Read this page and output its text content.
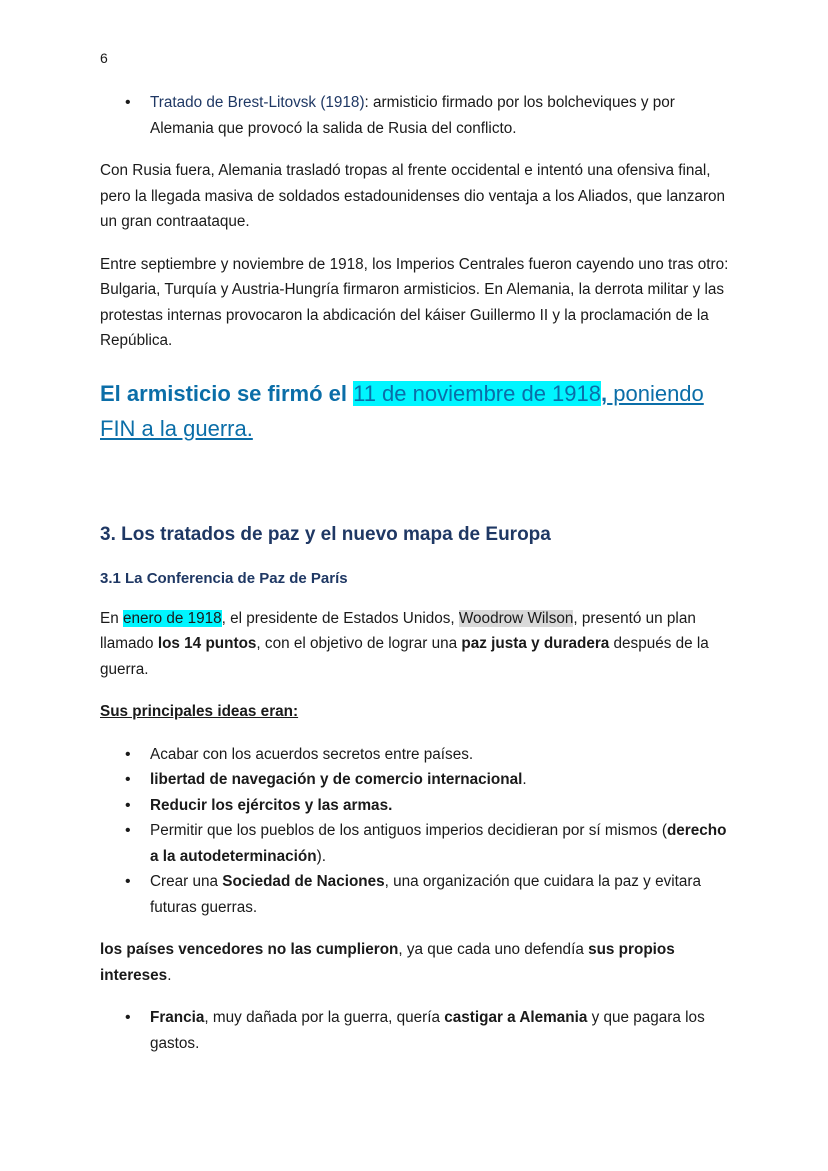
6
• Tratado de Brest-Litovsk (1918): armisticio firmado por los bolcheviques y por Alemania que provocó la salida de Rusia del conflicto.

Con Rusia fuera, Alemania trasladó tropas al frente occidental e intentó una ofensiva final, pero la llegada masiva de soldados estadounidenses dio ventaja a los Aliados, que lanzaron un gran contraataque.

Entre septiembre y noviembre de 1918, los Imperios Centrales fueron cayendo uno tras otro: Bulgaria, Turquía y Austria-Hungría firmaron armisticios. En Alemania, la derrota militar y las protestas internas provocaron la abdicación del káiser Guillermo II y la proclamación de la República.

El armisticio se firmó el 11 de noviembre de 1918, poniendo FIN a la guerra.

3. Los tratados de paz y el nuevo mapa de Europa
3.1 La Conferencia de Paz de París

En enero de 1918, el presidente de Estados Unidos, Woodrow Wilson, presentó un plan llamado los 14 puntos, con el objetivo de lograr una paz justa y duradera después de la guerra.

Sus principales ideas eran:

• Acabar con los acuerdos secretos entre países.
• libertad de navegación y de comercio internacional.
• Reducir los ejércitos y las armas.
• Permitir que los pueblos de los antiguos imperios decidieran por sí mismos (derecho a la autodeterminación).
• Crear una Sociedad de Naciones, una organización que cuidara la paz y evitara futuras guerras.

los países vencedores no las cumplieron, ya que cada uno defendía sus propios intereses.

• Francia, muy dañada por la guerra, quería castigar a Alemania y que pagara los gastos.
